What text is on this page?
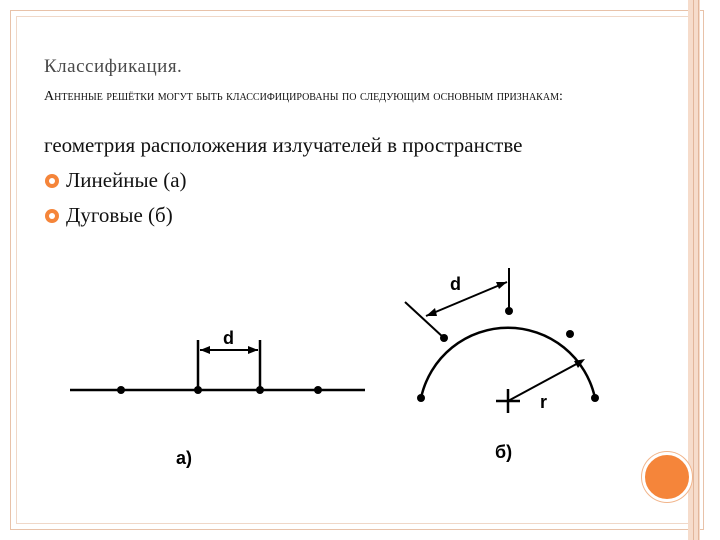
Классификация.
Антенные решётки могут быть классифицированы по следующим основным признакам:
геометрия расположения излучателей в пространстве
Линейные (а)
Дуговые (б)
d
а)
r
d
б)
